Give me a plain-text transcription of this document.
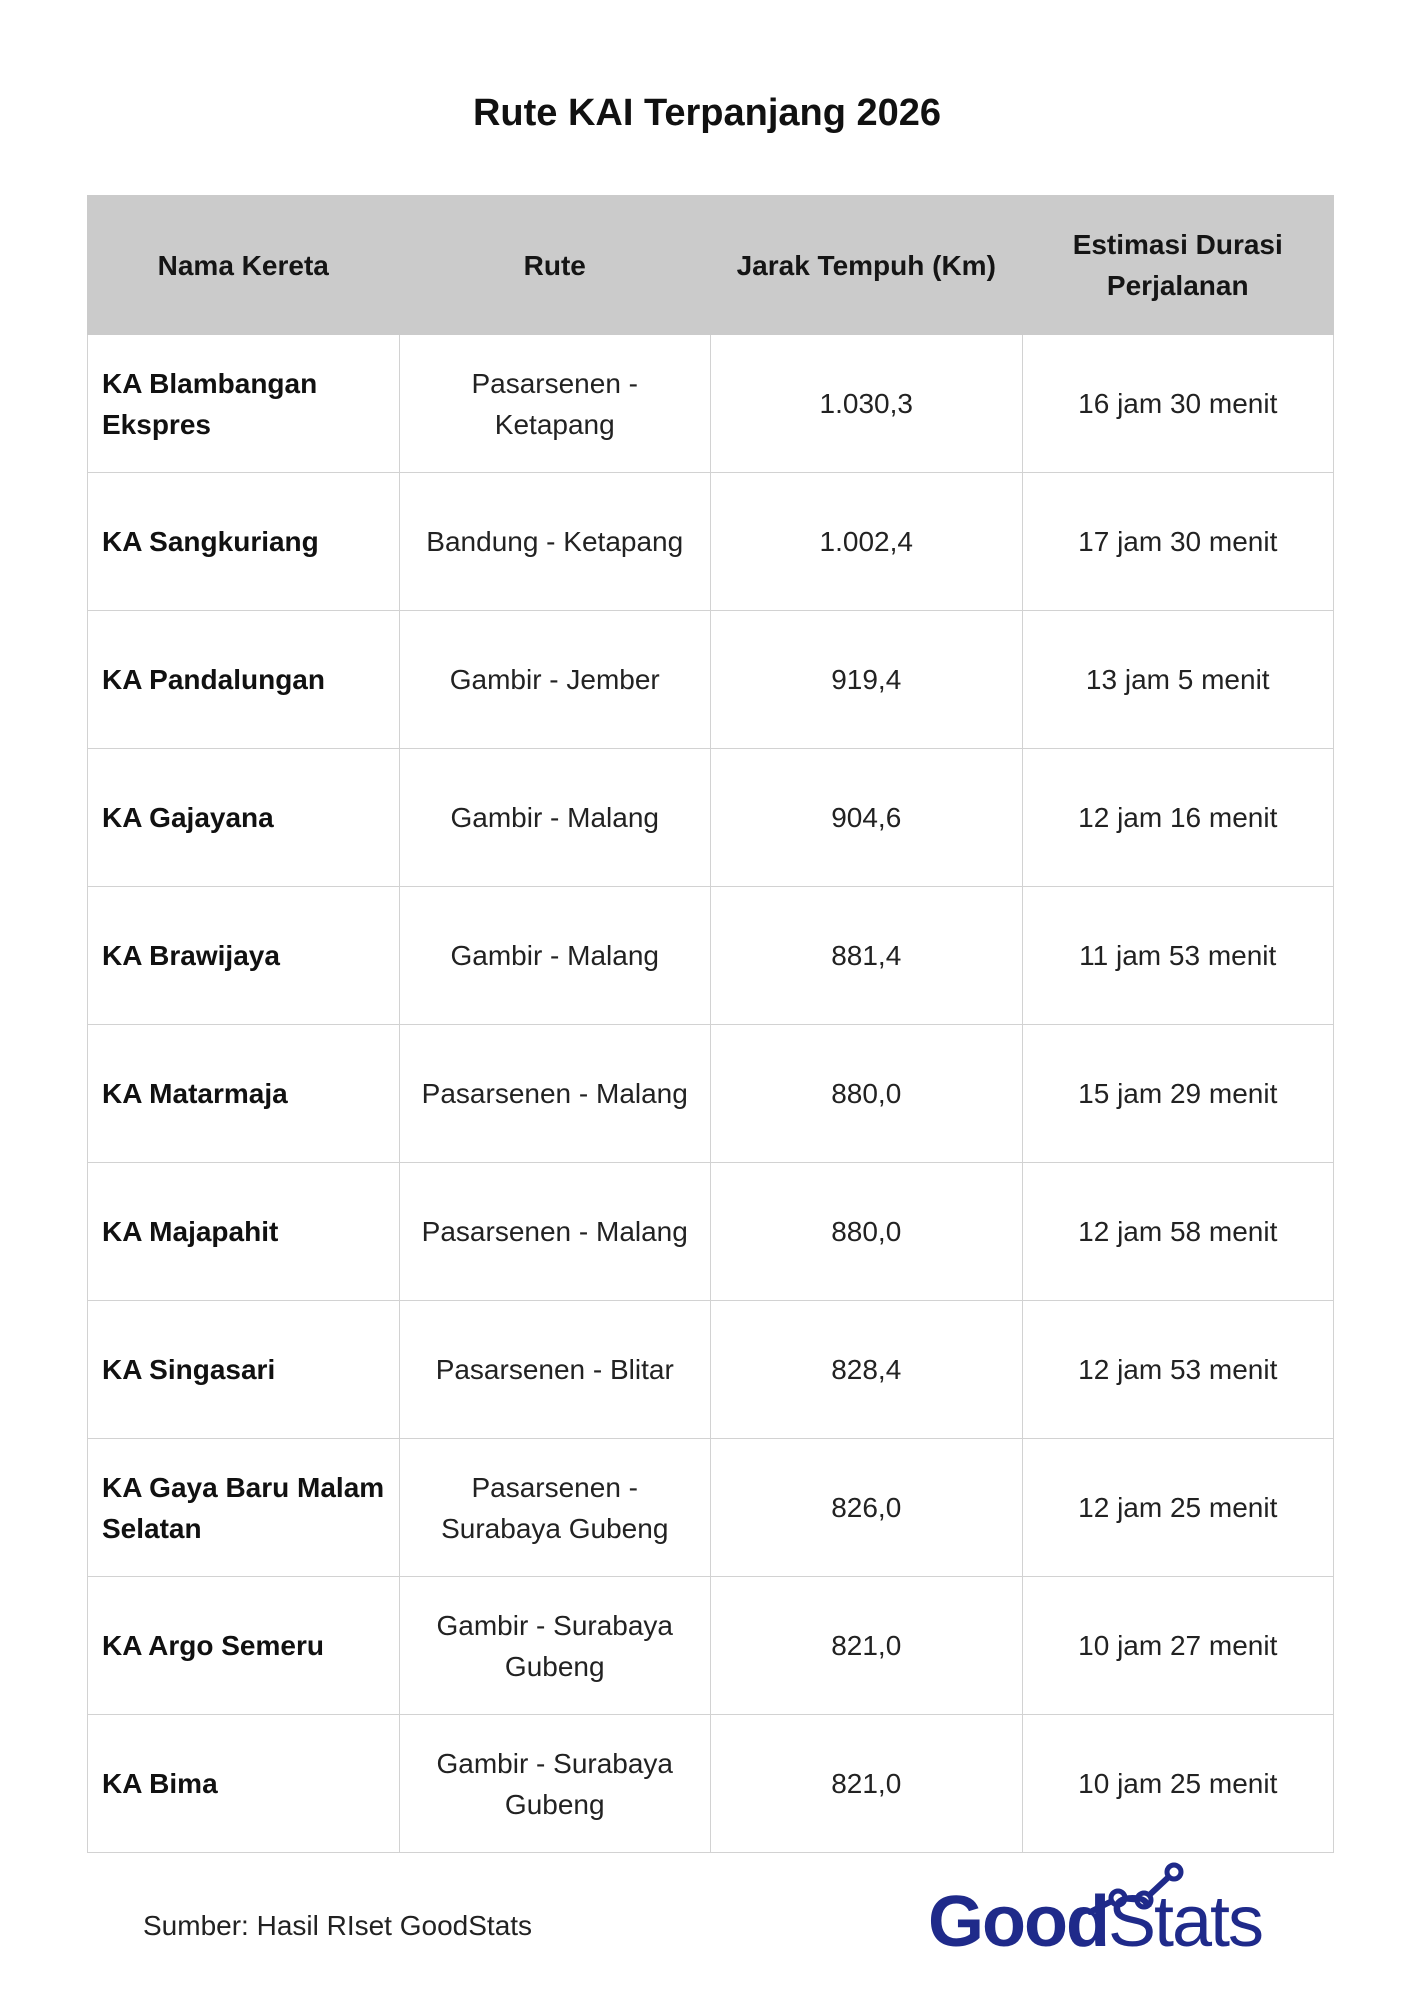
Rute KAI Terpanjang 2026
Nama Kereta	Rute	Jarak Tempuh (Km)	Estimasi Durasi Perjalanan
KA Blambangan Ekspres	Pasarsenen - Ketapang	1.030,3	16 jam 30 menit
KA Sangkuriang	Bandung - Ketapang	1.002,4	17 jam 30 menit
KA Pandalungan	Gambir - Jember	919,4	13 jam 5 menit
KA Gajayana	Gambir - Malang	904,6	12 jam 16 menit
KA Brawijaya	Gambir - Malang	881,4	11 jam 53 menit
KA Matarmaja	Pasarsenen - Malang	880,0	15 jam 29 menit
KA Majapahit	Pasarsenen - Malang	880,0	12 jam 58 menit
KA Singasari	Pasarsenen - Blitar	828,4	12 jam 53 menit
KA Gaya Baru Malam Selatan	Pasarsenen - Surabaya Gubeng	826,0	12 jam 25 menit
KA Argo Semeru	Gambir - Surabaya Gubeng	821,0	10 jam 27 menit
KA Bima	Gambir - Surabaya Gubeng	821,0	10 jam 25 menit
Sumber: Hasil RIset GoodStats	GoodStats
